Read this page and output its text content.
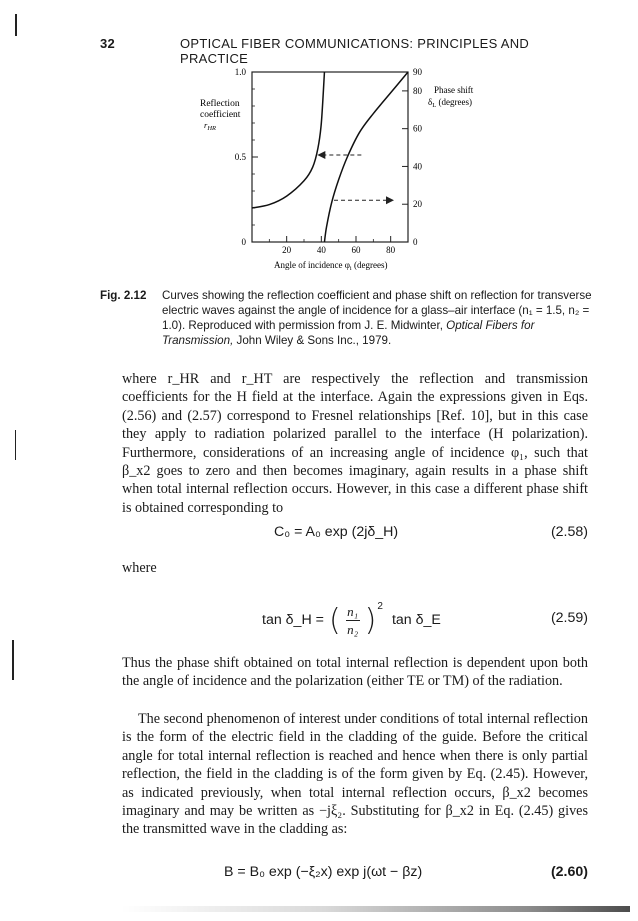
32	OPTICAL FIBER COMMUNICATIONS: PRINCIPLES AND PRACTICE
1.0
0.5
0
90
80
60
40
20
0
20	40	60	80
Reflection
coefficient
$r_{HR}$
Phase shift
$\delta_L$ (degrees)
Angle of incidence $\varphi_i$ (degrees)
Fig. 2.12 Curves showing the reflection coefficient and phase shift on reflection for transverse electric waves against the angle of incidence for a glass–air interface (n₁ = 1.5, n₂ = 1.0). Reproduced with permission from J. E. Midwinter, Optical Fibers for Transmission, John Wiley & Sons Inc., 1979.
where r_HR and r_HT are respectively the reflection and transmission coefficients for the H field at the interface. Again the expressions given in Eqs. (2.56) and (2.57) correspond to Fresnel relationships [Ref. 10], but in this case they apply to radiation polarized parallel to the interface (H polarization). Furthermore, considerations of an increasing angle of incidence φ₁, such that β_x2 goes to zero and then becomes imaginary, again results in a phase shift when total internal reflection occurs. However, in this case a different phase shift is obtained corresponding to
C₀ = A₀ exp (2jδ_H)	(2.58)
where
tan δ_H = ( $\frac{\text{n₁}}{\text{n₂}} )^2$
tan δ_E	(2.59)
Thus the phase shift obtained on total internal reflection is dependent upon both the angle of incidence and the polarization (either TE or TM) of the radiation.
The second phenomenon of interest under conditions of total internal reflection is the form of the electric field in the cladding of the guide. Before the critical angle for total internal reflection is reached and hence when there is only partial reflection, the field in the cladding is of the form given by Eq. (2.45). However, as indicated previously, when total internal reflection occurs, β_x2 becomes imaginary and may be written as −jξ₂. Substituting for β_x2 in Eq. (2.45) gives the transmitted wave in the cladding as:
B = B₀ exp (−ξ₂x) exp j(ωt − βz)	(2.60)
